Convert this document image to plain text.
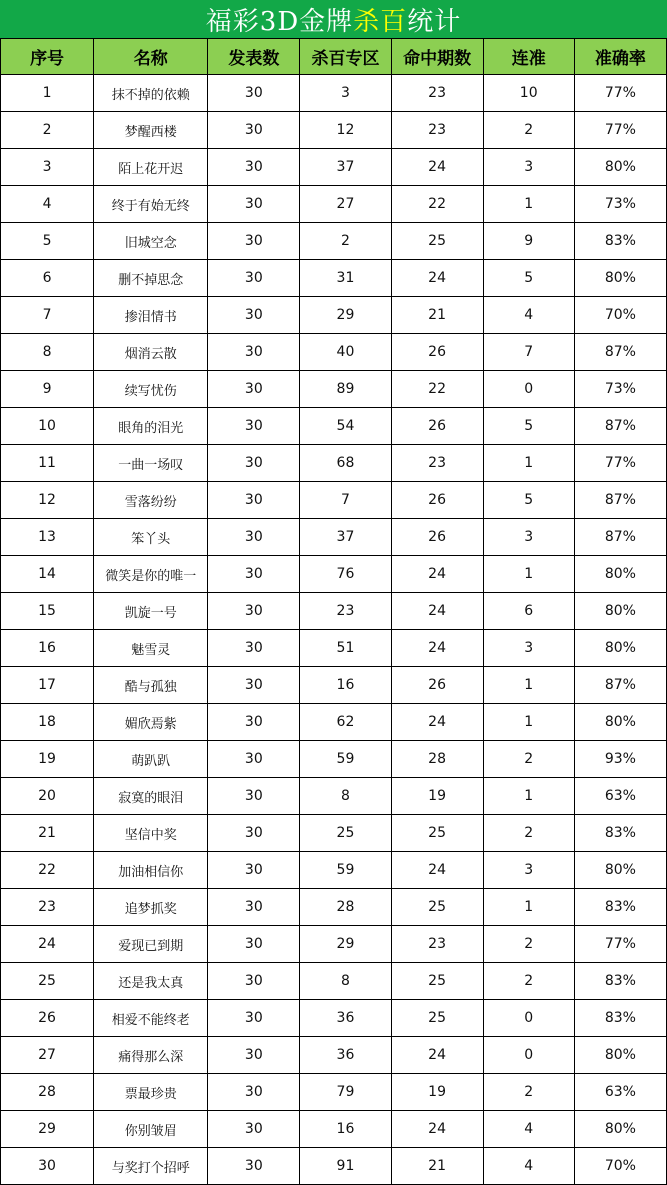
福彩3D金牌 杀百 统计
序号	名称	发表数	杀百专区	命中期数	连准	准确率
1	抹不掉的依赖	30	3	23	10	77%
2	梦醒西楼	30	12	23	2	77%
3	陌上花开迟	30	37	24	3	80%
4	终于有始无终	30	27	22	1	73%
5	旧城空念	30	2	25	9	83%
6	删不掉思念	30	31	24	5	80%
7	掺泪情书	30	29	21	4	70%
8	烟消云散	30	40	26	7	87%
9	续写忧伤	30	89	22	0	73%
10	眼角的泪光	30	54	26	5	87%
11	一曲一场叹	30	68	23	1	77%
12	雪落纷纷	30	7	26	5	87%
13	笨丫头	30	37	26	3	87%
14	微笑是你的唯一	30	76	24	1	80%
15	凯旋一号	30	23	24	6	80%
16	魅雪灵	30	51	24	3	80%
17	酷与孤独	30	16	26	1	87%
18	媚欣焉紫	30	62	24	1	80%
19	萌趴趴	30	59	28	2	93%
20	寂寞的眼泪	30	8	19	1	63%
21	坚信中奖	30	25	25	2	83%
22	加油相信你	30	59	24	3	80%
23	追梦抓奖	30	28	25	1	83%
24	爱现已到期	30	29	23	2	77%
25	还是我太真	30	8	25	2	83%
26	相爱不能终老	30	36	25	0	83%
27	痛得那么深	30	36	24	0	80%
28	票最珍贵	30	79	19	2	63%
29	你别皱眉	30	16	24	4	80%
30	与奖打个招呼	30	91	21	4	70%
